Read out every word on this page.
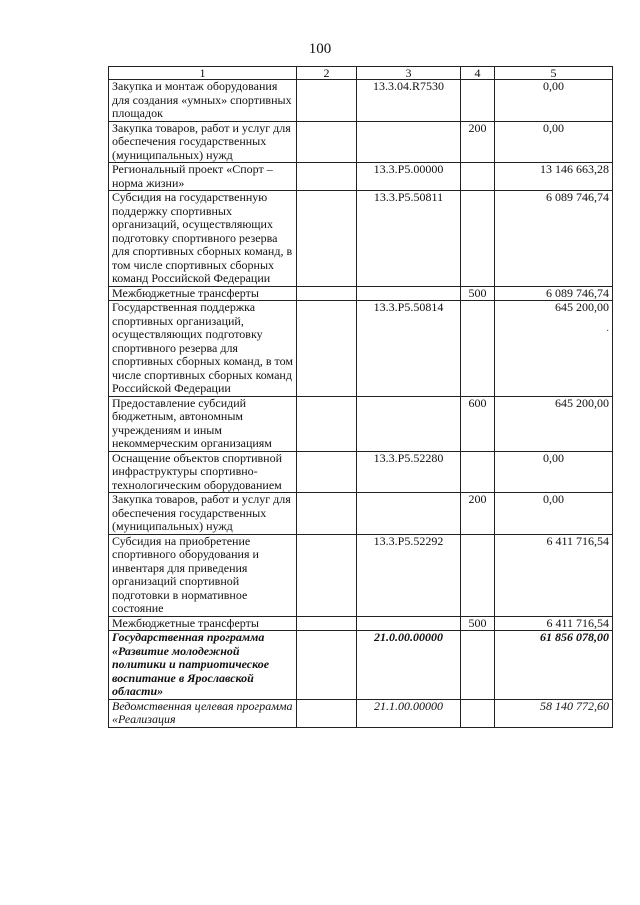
100
1	2	3	4	5
Закупка и монтаж оборудования для создания «умных» спортивных площадок		13.3.04.R7530		0,00
Закупка товаров, работ и услуг для обеспечения государственных (муниципальных) нужд			200	0,00
Региональный проект «Спорт – норма жизни»		13.3.P5.00000		13 146 663,28
Субсидия на государственную поддержку спортивных организаций, осуществляющих подготовку спортивного резерва для спортивных сборных команд, в том числе спортивных сборных команд Российской Федерации		13.3.P5.50811		6 089 746,74
Межбюджетные трансферты			500	6 089 746,74
Государственная поддержка спортивных организаций, осуществляющих подготовку спортивного резерва для спортивных сборных команд, в том числе спортивных сборных команд Российской Федерации		13.3.P5.50814		645 200,00
Предоставление субсидий бюджетным, автономным учреждениям и иным некоммерческим организациям			600	645 200,00
Оснащение объектов спортивной инфраструктуры спортивно-технологическим оборудованием		13.3.P5.52280		0,00
Закупка товаров, работ и услуг для обеспечения государственных (муниципальных) нужд			200	0,00
Субсидия на приобретение спортивного оборудования и инвентаря для приведения организаций спортивной подготовки в нормативное состояние		13.3.P5.52292		6 411 716,54
Межбюджетные трансферты			500	6 411 716,54
Государственная программа «Развитие молодежной политики и патриотическое воспитание в Ярославской области»		21.0.00.00000		61 856 078,00
Ведомственная целевая программа «Реализация		21.1.00.00000		58 140 772,60
·
